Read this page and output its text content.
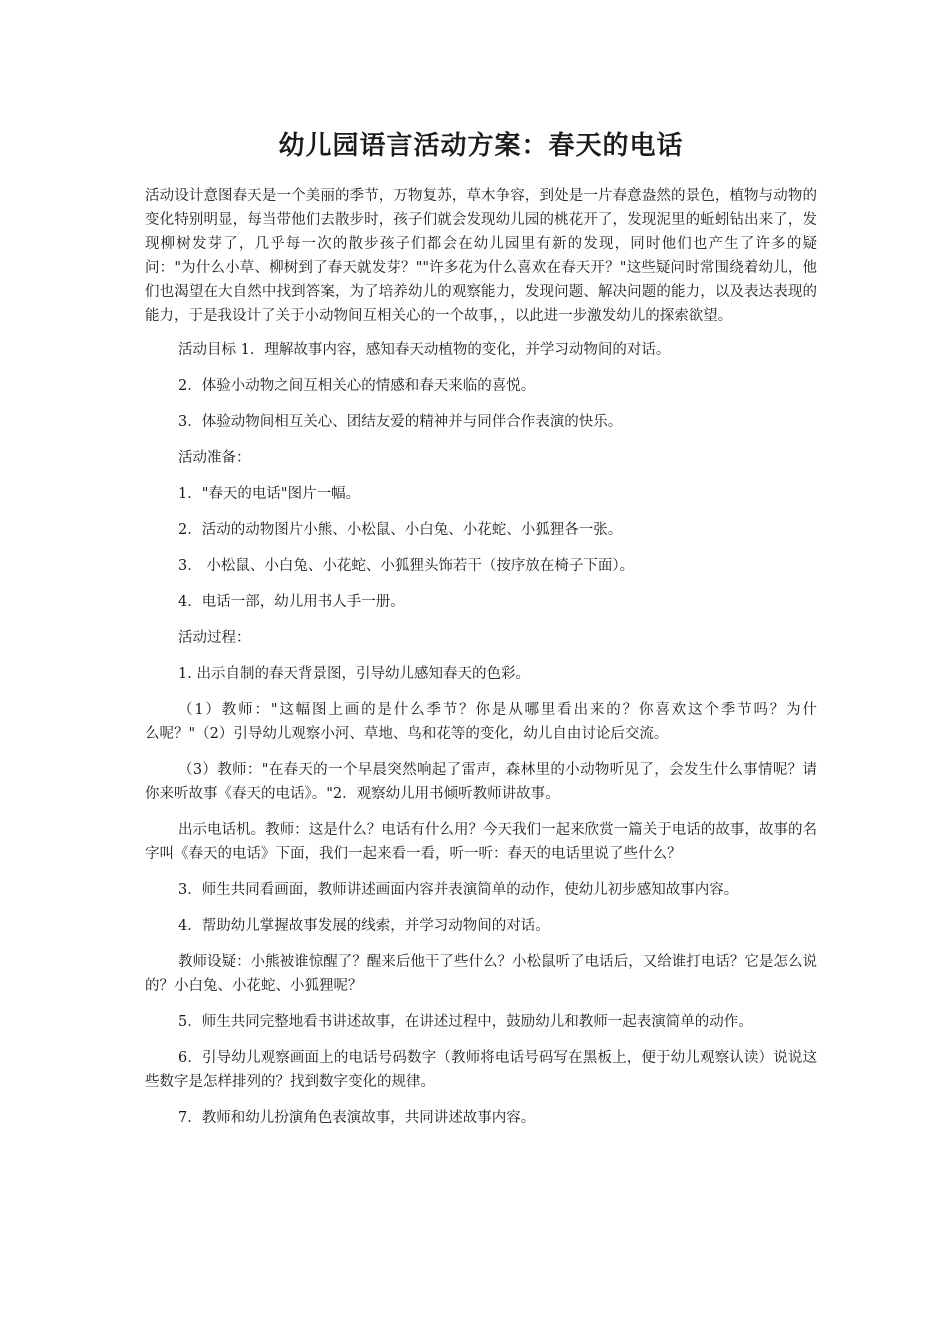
幼儿园语言活动方案：春天的电话

活动设计意图春天是一个美丽的季节，万物复苏，草木争容，到处是一片春意盎然的景色，植物与动物的变化特别明显，每当带他们去散步时，孩子们就会发现幼儿园的桃花开了，发现泥里的蚯蚓钻出来了，发现柳树发芽了，几乎每一次的散步孩子们都会在幼儿园里有新的发现，同时他们也产生了许多的疑问："为什么小草、柳树到了春天就发芽？""许多花为什么喜欢在春天开？"这些疑问时常围绕着幼儿，他们也渴望在大自然中找到答案，为了培养幼儿的观察能力，发现问题、解决问题的能力，以及表达表现的能力，于是我设计了关于小动物间互相关心的一个故事，，以此进一步激发幼儿的探索欲望。

活动目标 1．理解故事内容，感知春天动植物的变化，并学习动物间的对话。

2．体验小动物之间互相关心的情感和春天来临的喜悦。

3．体验动物间相互关心、团结友爱的精神并与同伴合作表演的快乐。

活动准备：

1．"春天的电话"图片一幅。

2．活动的动物图片小熊、小松鼠、小白兔、小花蛇、小狐狸各一张。

3． 小松鼠、小白兔、小花蛇、小狐狸头饰若干（按序放在椅子下面）。

4．电话一部，幼儿用书人手一册。

活动过程：

1. 出示自制的春天背景图，引导幼儿感知春天的色彩。

（1）教师："这幅图上画的是什么季节？你是从哪里看出来的？你喜欢这个季节吗？为什　　　　么呢？"（2）引导幼儿观察小河、草地、鸟和花等的变化，幼儿自由讨论后交流。

（3）教师："在春天的一个早晨突然响起了雷声，森林里的小动物听见了，会发生什么事情呢？请你来听故事《春天的电话》。"2．观察幼儿用书倾听教师讲故事。

出示电话机。教师：这是什么？电话有什么用？今天我们一起来欣赏一篇关于电话的故事，故事的名字叫《春天的电话》下面，我们一起来看一看，听一听：春天的电话里说了些什么？

3．师生共同看画面，教师讲述画面内容并表演简单的动作，使幼儿初步感知故事内容。

4．帮助幼儿掌握故事发展的线索，并学习动物间的对话。

教师设疑：小熊被谁惊醒了？醒来后他干了些什么？小松鼠听了电话后，又给谁打电话？它是怎么说的？小白兔、小花蛇、小狐狸呢？

5．师生共同完整地看书讲述故事，在讲述过程中，鼓励幼儿和教师一起表演简单的动作。

6．引导幼儿观察画面上的电话号码数字（教师将电话号码写在黑板上，便于幼儿观察认读）说说这些数字是怎样排列的？找到数字变化的规律。

7．教师和幼儿扮演角色表演故事，共同讲述故事内容。
